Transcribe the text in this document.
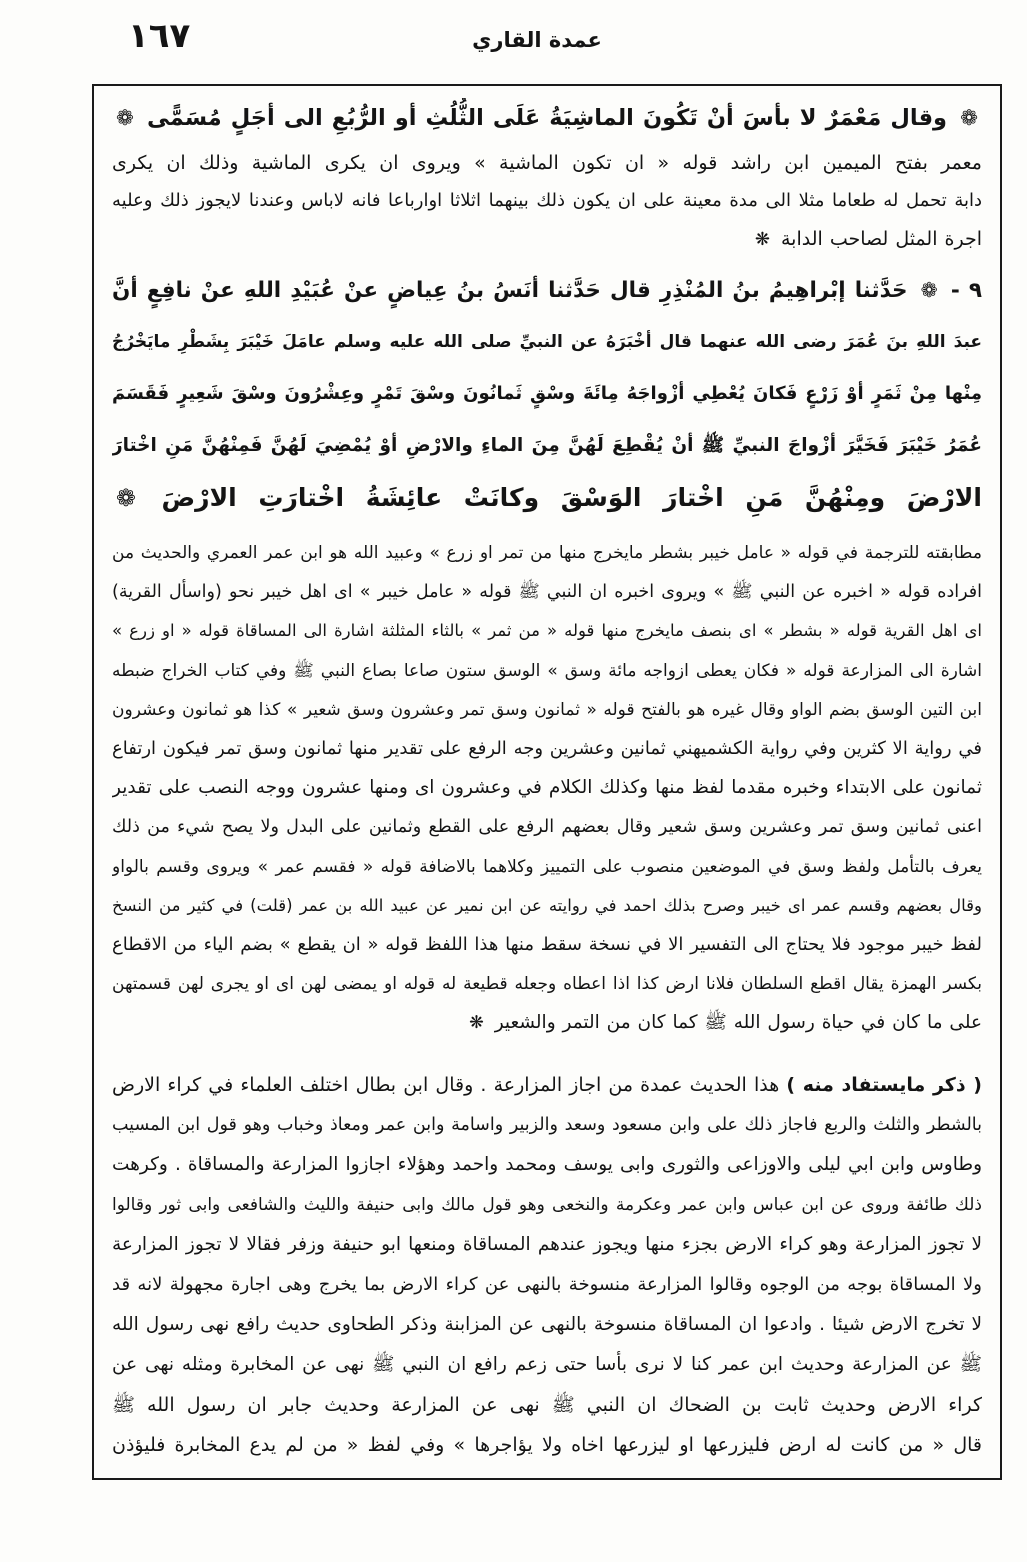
١٦٧	عمدة القاري
❁ وقال مَعْمَرٌ لا بأسَ أنْ تَكُونَ الماشِيَةُ عَلَى الثُّلُثِ أو الرُّبُعِ الى أجَلٍ مُسَمًّى ❁
معمر بفتح الميمين ابن راشد قوله « ان تكون الماشية » ويروى ان يكرى الماشية وذلك ان يكرى
دابة تحمل له طعاما مثلا الى مدة معينة على ان يكون ذلك بينهما اثلاثا اوارباعا فانه لاباس وعندنا لايجوز ذلك وعليه
اجرة المثل لصاحب الدابة ❋
٩ - ❁ حَدَّثنا إبْراهِيمُ بنُ المُنْذِرِ قال حَدَّثنا أنَسُ بنُ عِياضٍ عنْ عُبَيْدِ اللهِ عنْ نافِعٍ أنَّ
عبدَ اللهِ بنَ عُمَرَ رضى الله عنهما قال أخْبَرَهُ عن النبيِّ صلى الله عليه وسلم عامَلَ خَيْبَرَ بِشَطْرِ مايَخْرُجُ
مِنْها مِنْ ثَمَرٍ أوْ زَرْعٍ فَكانَ يُعْطِي أزْواجَهُ مِائَةَ وسْقٍ ثَمانُونَ وسْقَ تَمْرٍ وعِشْرُونَ وسْقَ شَعِيرٍ فَقَسَمَ
عُمَرُ خَيْبَرَ فَخَيَّرَ أزْواجَ النبيِّ ﷺ أنْ يُقْطِعَ لَهُنَّ مِنَ الماءِ والارْضِ أوْ يُمْضِيَ لَهُنَّ فَمِنْهُنَّ مَنِ اخْتارَ
الارْضَ ومِنْهُنَّ مَنِ اخْتارَ الوَسْقَ وكانَتْ عائِشَةُ اخْتارَتِ الارْضَ ❁
مطابقته للترجمة في قوله « عامل خيبر بشطر مايخرج منها من تمر او زرع » وعبيد الله هو ابن عمر العمري والحديث من
افراده قوله « اخبره عن النبي ﷺ » ويروى اخبره ان النبي ﷺ قوله « عامل خيبر » اى اهل خيبر نحو (واسأل القرية)
اى اهل القرية قوله « بشطر » اى بنصف مايخرج منها قوله « من ثمر » بالثاء المثلثة اشارة الى المساقاة قوله « او زرع »
اشارة الى المزارعة قوله « فكان يعطى ازواجه مائة وسق » الوسق ستون صاعا بصاع النبي ﷺ وفي كتاب الخراج ضبطه
ابن التين الوسق بضم الواو وقال غيره هو بالفتح قوله « ثمانون وسق تمر وعشرون وسق شعير » كذا هو ثمانون وعشرون
في رواية الا كثرين وفي رواية الكشميهني ثمانين وعشرين وجه الرفع على تقدير منها ثمانون وسق تمر فيكون ارتفاع
ثمانون على الابتداء وخبره مقدما لفظ منها وكذلك الكلام في وعشرون اى ومنها عشرون ووجه النصب على تقدير
اعنى ثمانين وسق تمر وعشرين وسق شعير وقال بعضهم الرفع على القطع وثمانين على البدل ولا يصح شيء من ذلك
يعرف بالتأمل ولفظ وسق في الموضعين منصوب على التمييز وكلاهما بالاضافة قوله « فقسم عمر » ويروى وقسم بالواو
وقال بعضهم وقسم عمر اى خيبر وصرح بذلك احمد في روايته عن ابن نمير عن عبيد الله بن عمر (قلت) في كثير من النسخ
لفظ خيبر موجود فلا يحتاج الى التفسير الا في نسخة سقط منها هذا اللفظ قوله « ان يقطع » بضم الياء من الاقطاع
بكسر الهمزة يقال اقطع السلطان فلانا ارض كذا اذا اعطاه وجعله قطيعة له قوله او يمضى لهن اى او يجرى لهن قسمتهن
على ما كان في حياة رسول الله ﷺ كما كان من التمر والشعير ❋
( ذكر مايستفاد منه ) هذا الحديث عمدة من اجاز المزارعة . وقال ابن بطال اختلف العلماء في كراء الارض
بالشطر والثلث والربع فاجاز ذلك على وابن مسعود وسعد والزبير واسامة وابن عمر ومعاذ وخباب وهو قول ابن المسيب
وطاوس وابن ابي ليلى والاوزاعى والثورى وابى يوسف ومحمد واحمد وهؤلاء اجازوا المزارعة والمساقاة . وكرهت
ذلك طائفة وروى عن ابن عباس وابن عمر وعكرمة والنخعى وهو قول مالك وابى حنيفة والليث والشافعى وابى ثور وقالوا
لا تجوز المزارعة وهو كراء الارض بجزء منها ويجوز عندهم المساقاة ومنعها ابو حنيفة وزفر فقالا لا تجوز المزارعة
ولا المساقاة بوجه من الوجوه وقالوا المزارعة منسوخة بالنهى عن كراء الارض بما يخرج وهى اجارة مجهولة لانه قد
لا تخرج الارض شيئا . وادعوا ان المساقاة منسوخة بالنهى عن المزابنة وذكر الطحاوى حديث رافع نهى رسول الله
ﷺ عن المزارعة وحديث ابن عمر كنا لا نرى بأسا حتى زعم رافع ان النبي ﷺ نهى عن المخابرة ومثله نهى عن
كراء الارض وحديث ثابت بن الضحاك ان النبي ﷺ نهى عن المزارعة وحديث جابر ان رسول الله ﷺ
قال « من كانت له ارض فليزرعها او ليزرعها اخاه ولا يؤاجرها » وفي لفظ « من لم يدع المخابرة فليؤذن
